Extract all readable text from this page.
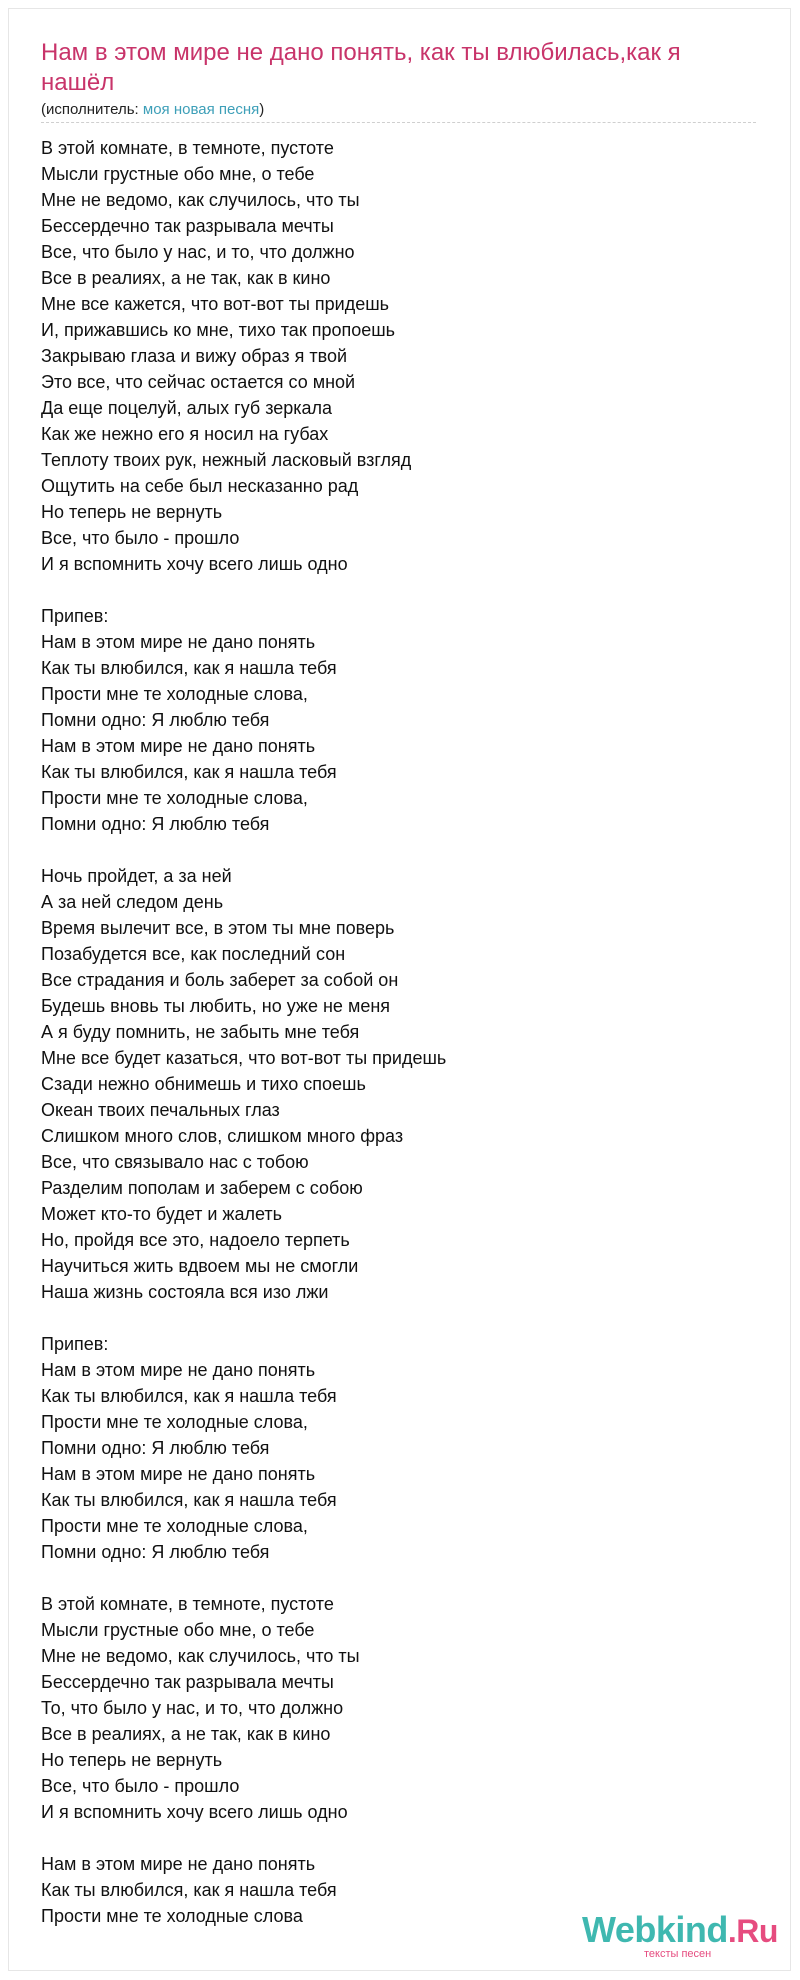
Нам в этом мире не дано понять, как ты влюбилась,как я нашёл
(исполнитель: моя новая песня)
В этой комнате, в темноте, пустоте
Мысли грустные обо мне, о тебе
Мне не ведомо, как случилось, что ты
Бессердечно так разрывала мечты
Все, что было у нас, и то, что должно
Все в реалиях, а не так, как в кино
Мне все кажется, что вот-вот ты придешь
И, прижавшись ко мне, тихо так пропоешь
Закрываю глаза и вижу образ я твой
Это все, что сейчас остается со мной
Да еще поцелуй, алых губ зеркала
Как же нежно его я носил на губах
Теплоту твоих рук, нежный ласковый взгляд
Ощутить на себе был несказанно рад
Но теперь не вернуть
Все, что было - прошло
И я вспомнить хочу всего лишь одно
Припев:
Нам в этом мире не дано понять
Как ты влюбился, как я нашла тебя
Прости мне те холодные слова,
Помни одно: Я люблю тебя
Нам в этом мире не дано понять
Как ты влюбился, как я нашла тебя
Прости мне те холодные слова,
Помни одно: Я люблю тебя
Ночь пройдет, а за ней
А за ней следом день
Время вылечит все, в этом ты мне поверь
Позабудется все, как последний сон
Все страдания и боль заберет за собой он
Будешь вновь ты любить, но уже не меня
А я буду помнить, не забыть мне тебя
Мне все будет казаться, что вот-вот ты придешь
Сзади нежно обнимешь и тихо споешь
Океан твоих печальных глаз
Слишком много слов, слишком много фраз
Все, что связывало нас с тобою
Разделим пополам и заберем с собою
Может кто-то будет и жалеть
Но, пройдя все это, надоело терпеть
Научиться жить вдвоем мы не смогли
Наша жизнь состояла вся изо лжи
Припев:
Нам в этом мире не дано понять
Как ты влюбился, как я нашла тебя
Прости мне те холодные слова,
Помни одно: Я люблю тебя
Нам в этом мире не дано понять
Как ты влюбился, как я нашла тебя
Прости мне те холодные слова,
Помни одно: Я люблю тебя
В этой комнате, в темноте, пустоте
Мысли грустные обо мне, о тебе
Мне не ведомо, как случилось, что ты
Бессердечно так разрывала мечты
То, что было у нас, и то, что должно
Все в реалиях, а не так, как в кино
Но теперь не вернуть
Все, что было - прошло
И я вспомнить хочу всего лишь одно
Нам в этом мире не дано понять
Как ты влюбился, как я нашла тебя
Прости мне те холодные слова	Webkind.Ru
тексты песен
